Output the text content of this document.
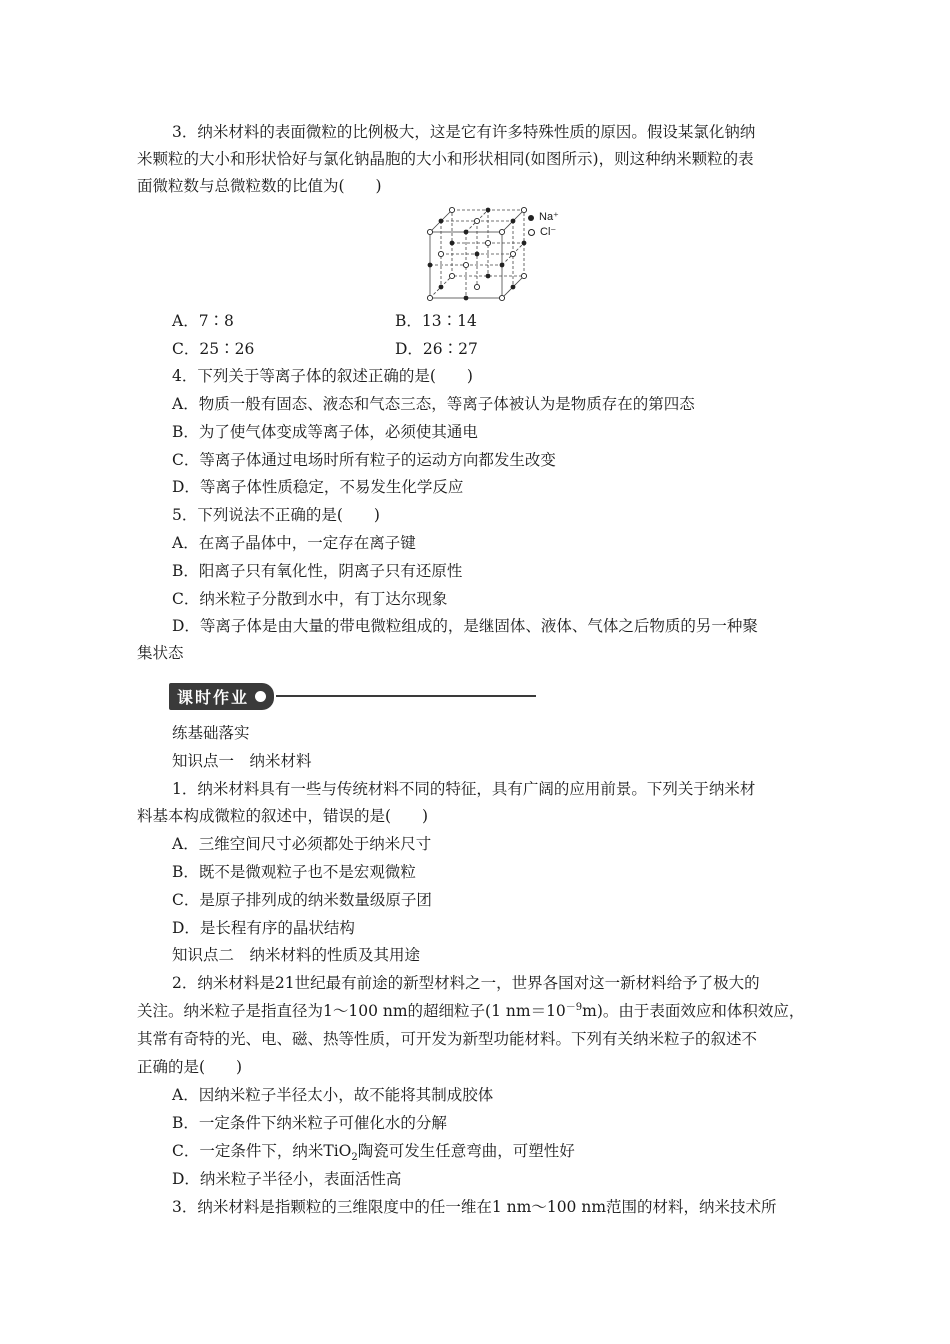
3．纳米材料的表面微粒的比例极大，这是它有许多特殊性质的原因。假设某氯化钠纳
米颗粒的大小和形状恰好与氯化钠晶胞的大小和形状相同(如图所示)，则这种纳米颗粒的表
面微粒数与总微粒数的比值为(　　)
Na⁺
Cl⁻
A．7∶8	B．13∶14
C．25∶26	D．26∶27
4．下列关于等离子体的叙述正确的是(　　)
A．物质一般有固态、液态和气态三态，等离子体被认为是物质存在的第四态
B．为了使气体变成等离子体，必须使其通电
C．等离子体通过电场时所有粒子的运动方向都发生改变
D．等离子体性质稳定，不易发生化学反应
5．下列说法不正确的是(　　)
A．在离子晶体中，一定存在离子键
B．阳离子只有氧化性，阴离子只有还原性
C．纳米粒子分散到水中，有丁达尔现象
D．等离子体是由大量的带电微粒组成的，是继固体、液体、气体之后物质的另一种聚
集状态
课时作业
练基础落实
知识点一　纳米材料
1．纳米材料具有一些与传统材料不同的特征，具有广阔的应用前景。下列关于纳米材
料基本构成微粒的叙述中，错误的是(　　)
A．三维空间尺寸必须都处于纳米尺寸
B．既不是微观粒子也不是宏观微粒
C．是原子排列成的纳米数量级原子团
D．是长程有序的晶状结构
知识点二　纳米材料的性质及其用途
2．纳米材料是21世纪最有前途的新型材料之一，世界各国对这一新材料给予了极大的
关注。纳米粒子是指直径为1～100 nm的超细粒子(1 $nm=10^{-9}m$)。由于表面效应和体积效应，
其常有奇特的光、电、磁、热等性质，可开发为新型功能材料。下列有关纳米粒子的叙述不
正确的是(　　)
A．因纳米粒子半径太小，故不能将其制成胶体
B．一定条件下纳米粒子可催化水的分解
C．一定条件下，纳米TiO$_2$陶瓷可发生任意弯曲，可塑性好
D．纳米粒子半径小，表面活性高
3．纳米材料是指颗粒的三维限度中的任一维在1 nm～100 nm范围的材料，纳米技术所
